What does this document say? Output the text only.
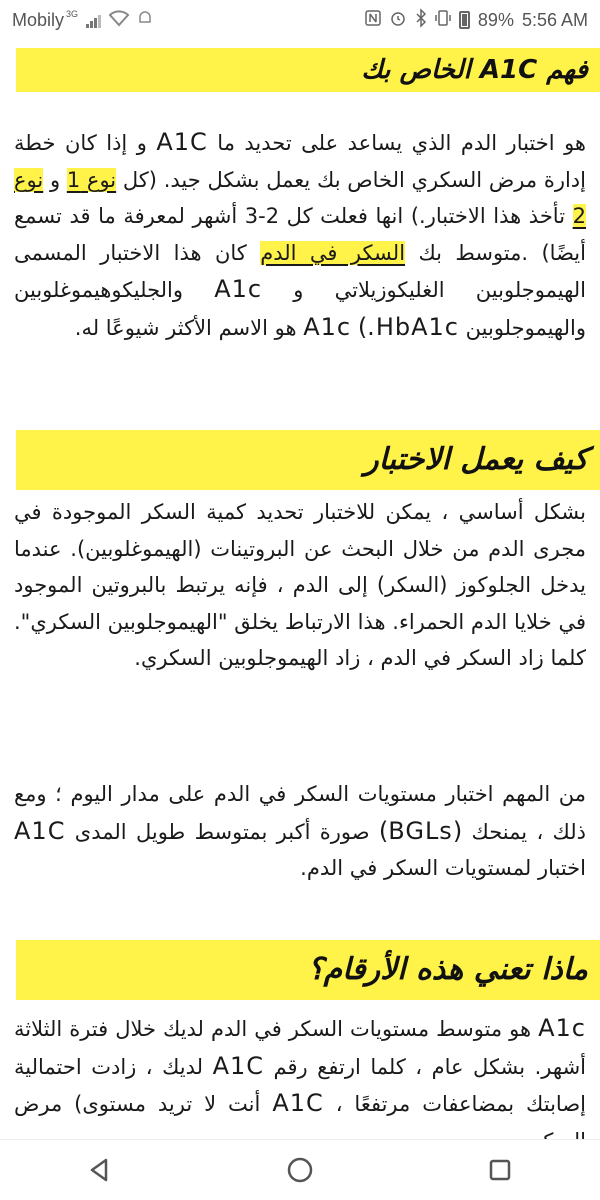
Mobily 3G	89% 5:56 AM
فهم A1C الخاص بك
هو اختبار الدم الذي يساعد على تحديد ما A1C و إذا كان خطة إدارة مرض السكري الخاص بك يعمل بشكل جيد. (كل نوع 1 و نوع 2 تأخذ هذا الاختبار.) انها فعلت كل 2-3 أشهر لمعرفة ما قد تسمع أيضًا) .متوسط بك السكر في الدم كان هذا الاختبار المسمى الهيموجلوبين الغليكوزيلاتي و A1c والجليكوهيموغلوبين والهيموجلوبين HbA1c.) A1c هو الاسم الأكثر شيوعًا له.
كيف يعمل الاختبار
بشكل أساسي ، يمكن للاختبار تحديد كمية السكر الموجودة في مجرى الدم من خلال البحث عن البروتينات (الهيموغلوبين). عندما يدخل الجلوكوز (السكر) إلى الدم ، فإنه يرتبط بالبروتين الموجود في خلايا الدم الحمراء. هذا الارتباط يخلق "الهيموجلوبين السكري". كلما زاد السكر في الدم ، زاد الهيموجلوبين السكري.
من المهم اختبار مستويات السكر في الدم على مدار اليوم ؛ ومع ذلك ، يمنحك (BGLs) صورة أكبر بمتوسط طويل المدى A1C اختبار لمستويات السكر في الدم.
ماذا تعني هذه الأرقام؟
A1c هو متوسط مستويات السكر في الدم لديك خلال فترة الثلاثة أشهر. بشكل عام ، كلما ارتفع رقم A1C لديك ، زادت احتمالية إصابتك بمضاعفات مرتفعًا ، A1C أنت لا تريد مستوى) مرض
